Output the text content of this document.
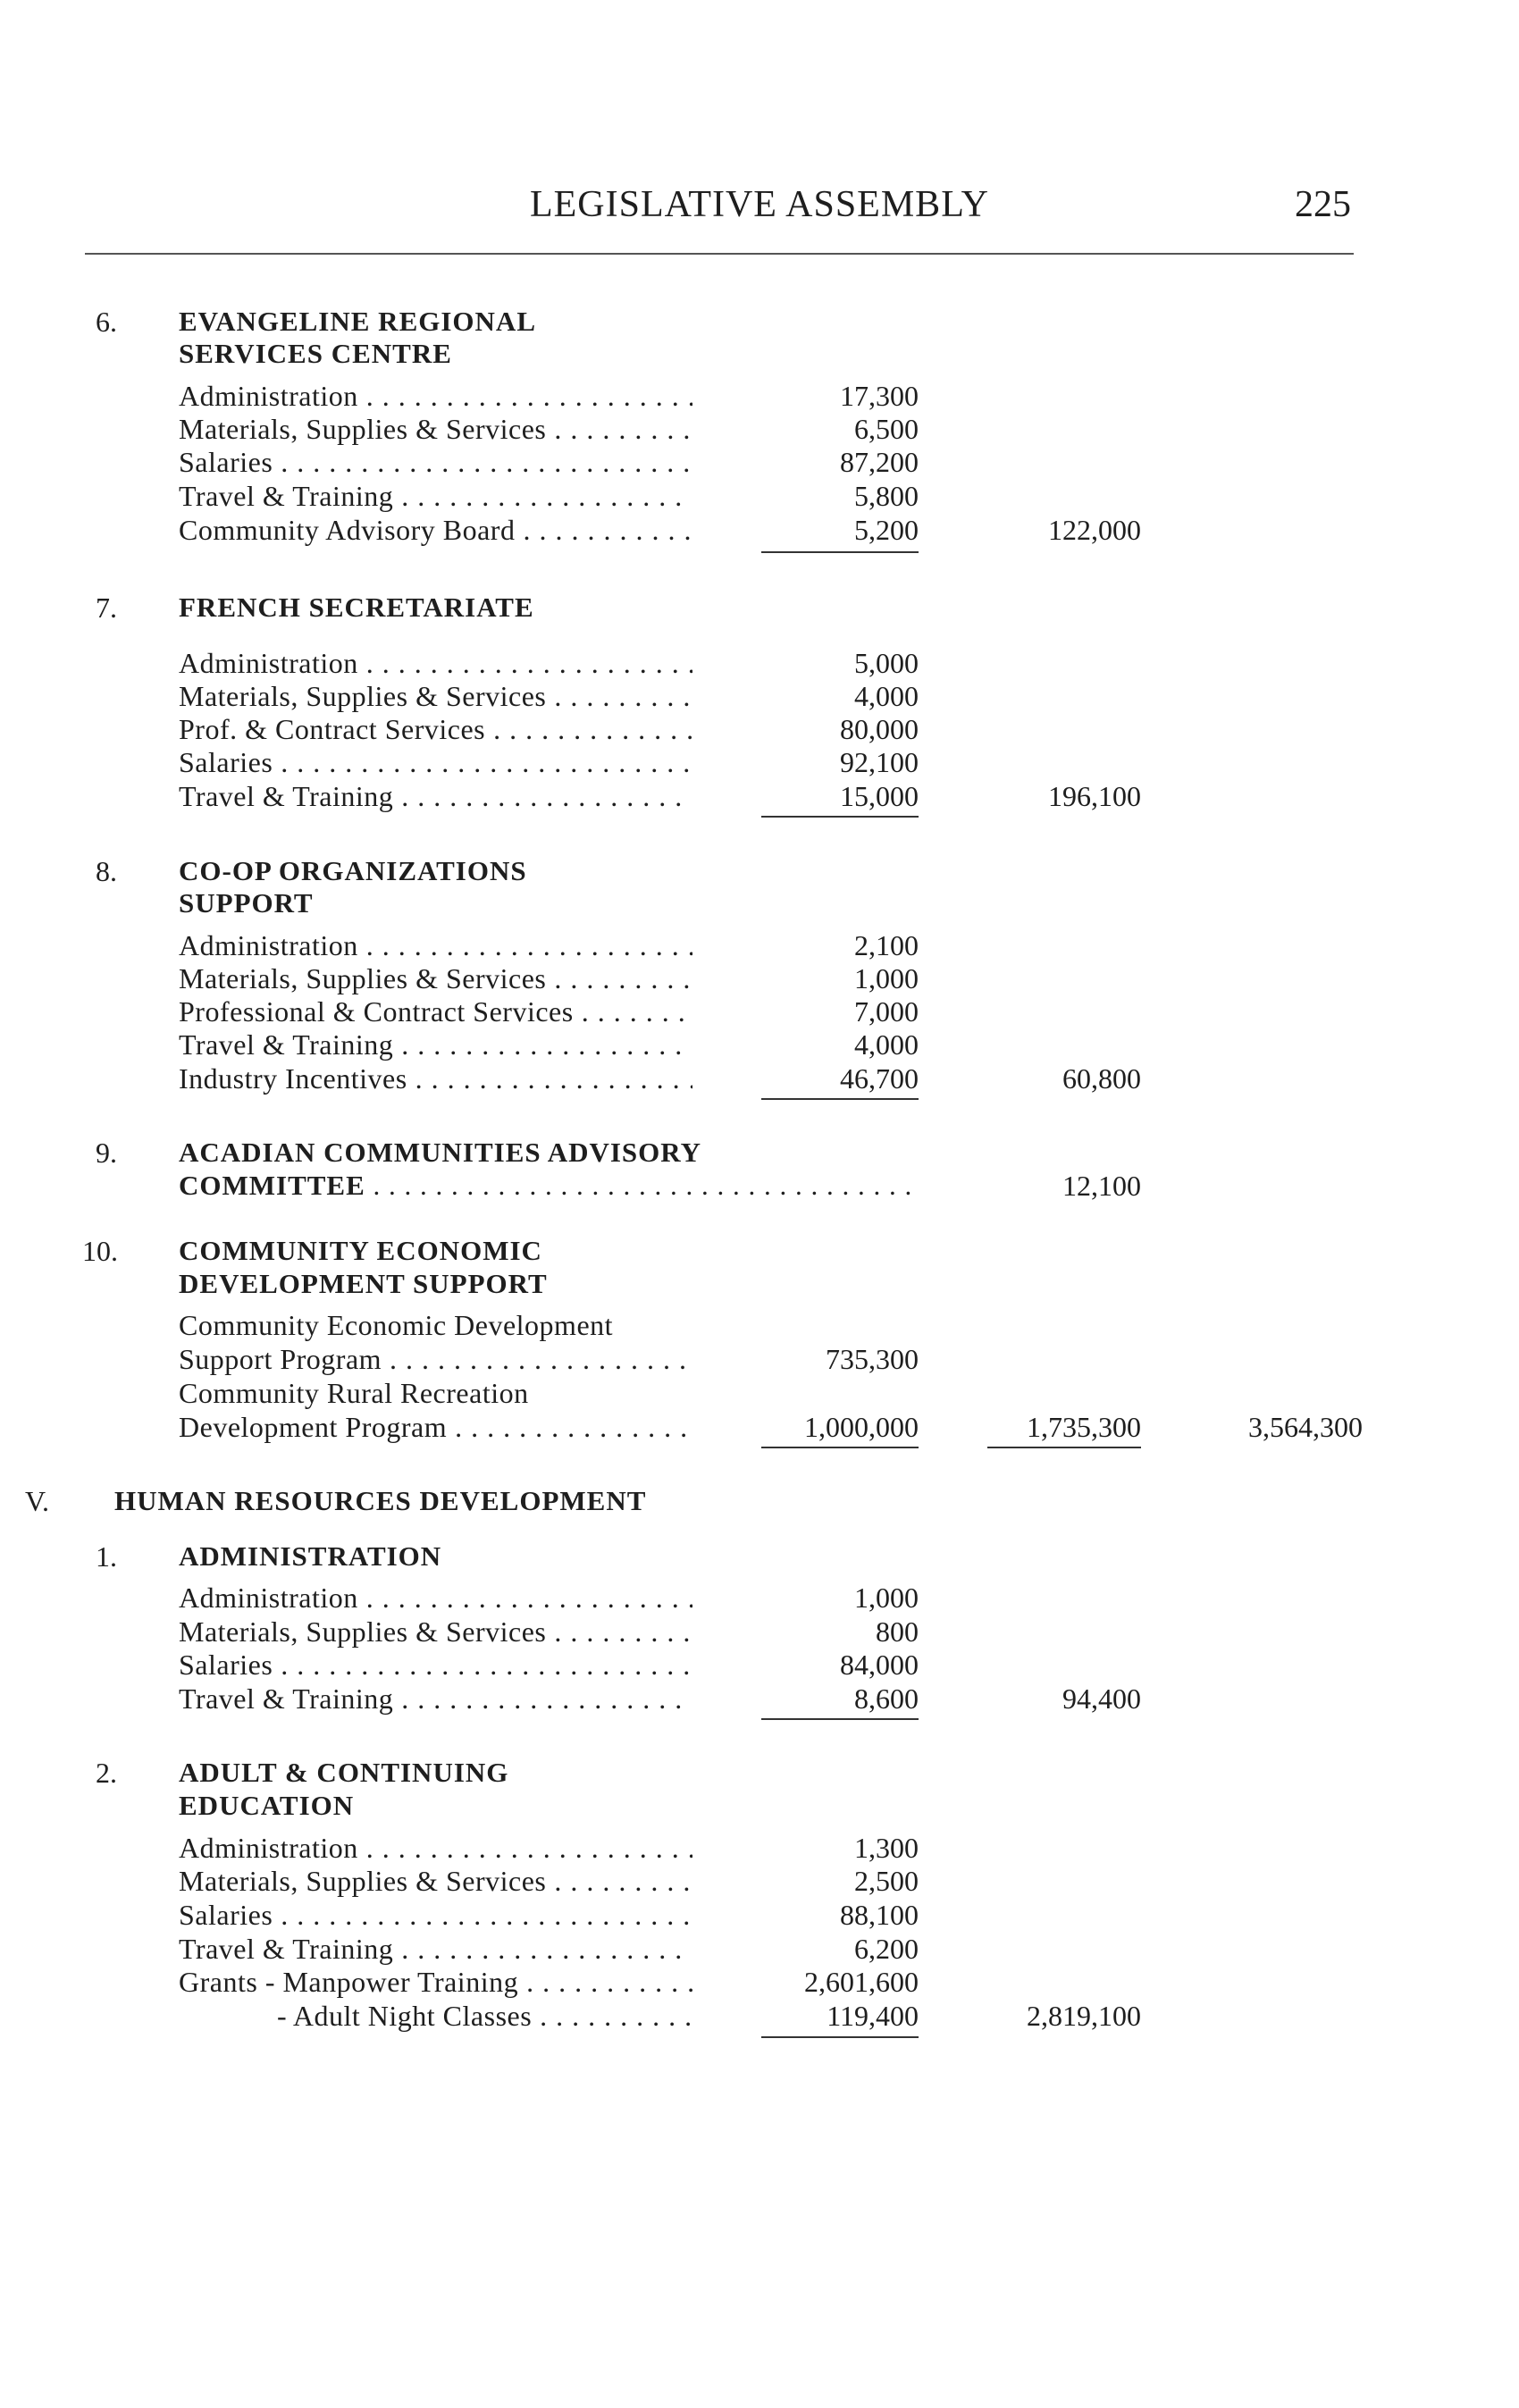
LEGISLATIVE ASSEMBLY	225
6. EVANGELINE REGIONAL
SERVICES CENTRE
Administration . . .	17,300
Materials, Supplies & Services . . .	6,500
Salaries . . .	87,200
Travel & Training . . .	5,800
Community Advisory Board . . .	5,200	122,000
7. FRENCH SECRETARIATE
Administration . . .	5,000
Materials, Supplies & Services . . .	4,000
Prof. & Contract Services . . .	80,000
Salaries . . .	92,100
Travel & Training . . .	15,000	196,100
8. CO-OP ORGANIZATIONS
SUPPORT
Administration . . .	2,100
Materials, Supplies & Services . . .	1,000
Professional & Contract Services . . .	7,000
Travel & Training . . .	4,000
Industry Incentives . . .	46,700	60,800
9. ACADIAN COMMUNITIES ADVISORY
COMMITTEE . . .	12,100
10. COMMUNITY ECONOMIC
DEVELOPMENT SUPPORT
Community Economic Development
Support Program . . .	735,300
Community Rural Recreation
Development Program . . .	1,000,000	1,735,300	3,564,300
V. HUMAN RESOURCES DEVELOPMENT
1. ADMINISTRATION
Administration . . .	1,000
Materials, Supplies & Services . . .	800
Salaries . . .	84,000
Travel & Training . . .	8,600	94,400
2. ADULT & CONTINUING
EDUCATION
Administration . . .	1,300
Materials, Supplies & Services . . .	2,500
Salaries . . .	88,100
Travel & Training . . .	6,200
Grants - Manpower Training . . .	2,601,600
- Adult Night Classes . . .	119,400	2,819,100
